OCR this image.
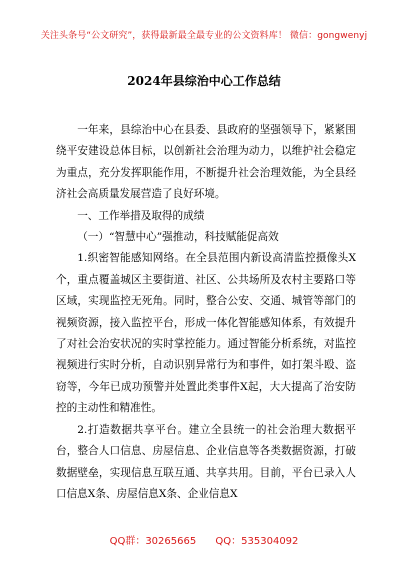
关注头条号“公文研究”，获得最新最全最专业的公文资料库！ 微信：gongwenyj
2024年县综治中心工作总结

一年来，县综治中心在县委、县政府的坚强领导下，紧紧围绕平安建设总体目标，以创新社会治理为动力，以维护社会稳定为重点，充分发挥职能作用，不断提升社会治理效能，为全县经济社会高质量发展营造了良好环境。

一、工作举措及取得的成绩

（一）“智慧中心”强推动，科技赋能促高效

1.织密智能感知网络。在全县范围内新设高清监控摄像头X个，重点覆盖城区主要街道、社区、公共场所及农村主要路口等区域，实现监控无死角。同时，整合公安、交通、城管等部门的视频资源，接入监控平台，形成一体化智能感知体系，有效提升了对社会治安状况的实时掌控能力。通过智能分析系统，对监控视频进行实时分析，自动识别异常行为和事件，如打架斗殴、盗窃等，今年已成功预警并处置此类事件X起，大大提高了治安防控的主动性和精准性。

2.打造数据共享平台。建立全县统一的社会治理大数据平台，整合人口信息、房屋信息、企业信息等各类数据资源，打破数据壁垒，实现信息互联互通、共享共用。目前，平台已录入人口信息X条、房屋信息X条、企业信息X

QQ群：30265665 QQ：535304092
